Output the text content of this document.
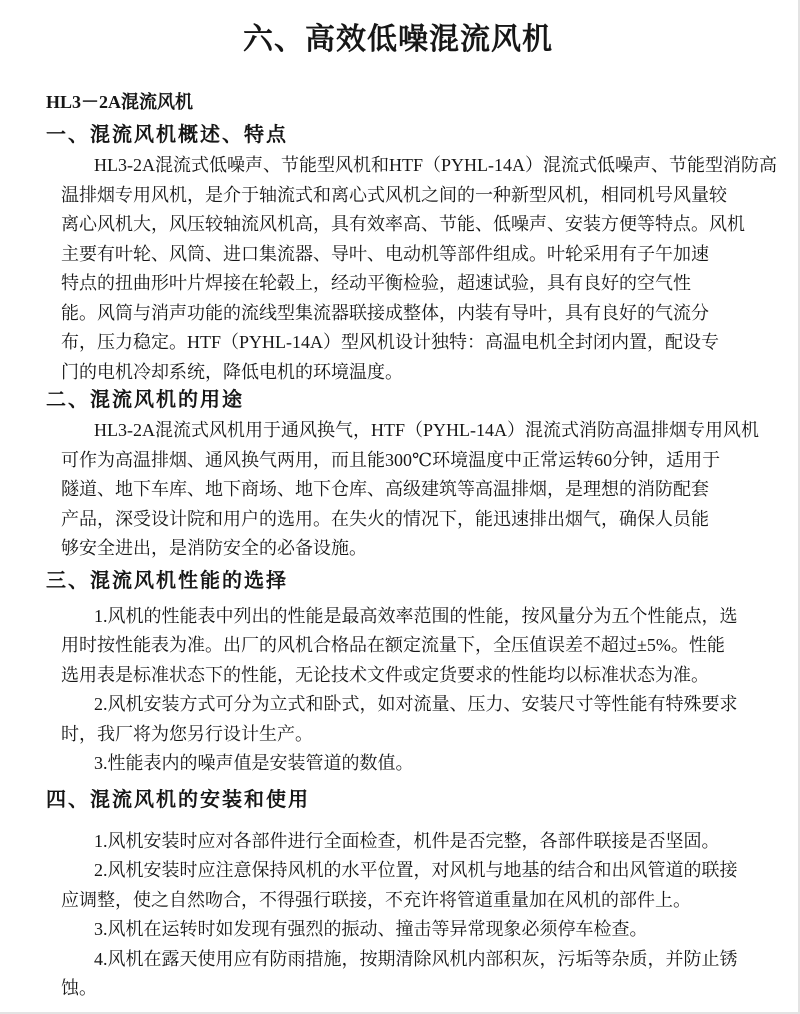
六、高效低噪混流风机
HL3－2A混流风机
一、混流风机概述、特点
HL3-2A混流式低噪声、节能型风机和HTF（PYHL-14A）混流式低噪声、节能型消防高
温排烟专用风机，是介于轴流式和离心式风机之间的一种新型风机，相同机号风量较
离心风机大，风压较轴流风机高，具有效率高、节能、低噪声、安装方便等特点。风机
主要有叶轮、风筒、进口集流器、导叶、电动机等部件组成。叶轮采用有子午加速
特点的扭曲形叶片焊接在轮毂上，经动平衡检验，超速试验，具有良好的空气性
能。风筒与消声功能的流线型集流器联接成整体，内装有导叶，具有良好的气流分
布，压力稳定。HTF（PYHL-14A）型风机设计独特：高温电机全封闭内置，配设专
门的电机冷却系统，降低电机的环境温度。
二、混流风机的用途
HL3-2A混流式风机用于通风换气，HTF（PYHL-14A）混流式消防高温排烟专用风机
可作为高温排烟、通风换气两用，而且能300℃环境温度中正常运转60分钟，适用于
隧道、地下车库、地下商场、地下仓库、高级建筑等高温排烟，是理想的消防配套
产品，深受设计院和用户的选用。在失火的情况下，能迅速排出烟气，确保人员能
够安全进出，是消防安全的必备设施。
三、混流风机性能的选择
1.风机的性能表中列出的性能是最高效率范围的性能，按风量分为五个性能点，选
用时按性能表为准。出厂的风机合格品在额定流量下，全压值误差不超过±5%。性能
选用表是标准状态下的性能，无论技术文件或定货要求的性能均以标准状态为准。
2.风机安装方式可分为立式和卧式，如对流量、压力、安装尺寸等性能有特殊要求
时，我厂将为您另行设计生产。
3.性能表内的噪声值是安装管道的数值。
四、混流风机的安装和使用
1.风机安装时应对各部件进行全面检查，机件是否完整，各部件联接是否坚固。
2.风机安装时应注意保持风机的水平位置，对风机与地基的结合和出风管道的联接
应调整，使之自然吻合，不得强行联接，不充许将管道重量加在风机的部件上。
3.风机在运转时如发现有强烈的振动、撞击等异常现象必须停车检查。
4.风机在露天使用应有防雨措施，按期清除风机内部积灰，污垢等杂质，并防止锈
蚀。
